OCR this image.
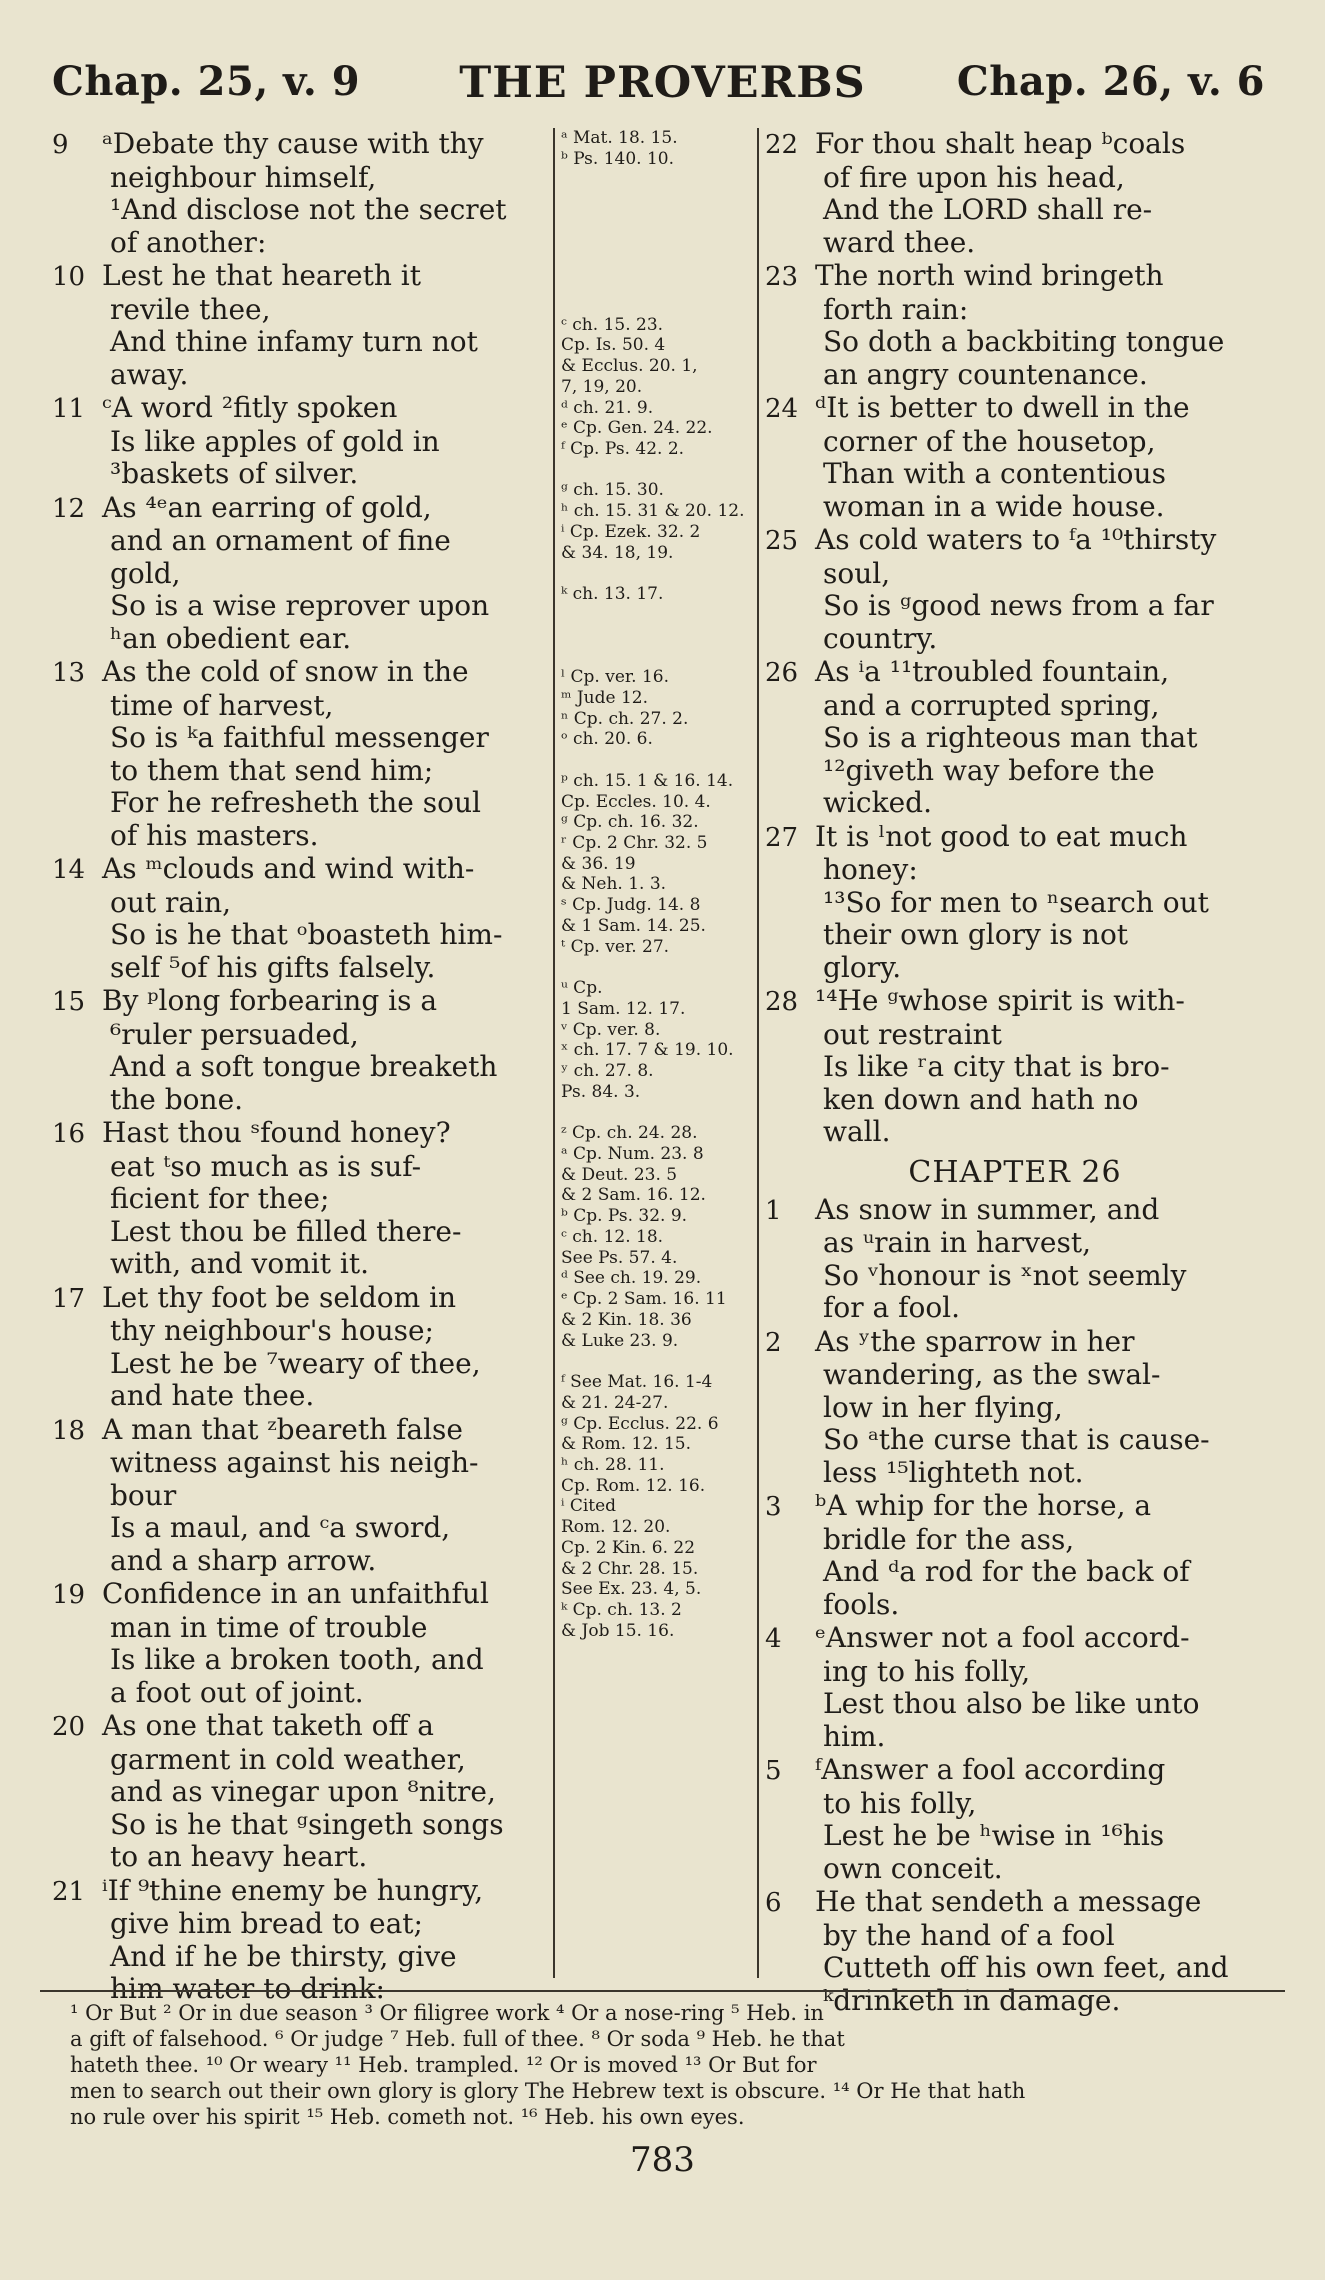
Chap. 25, v. 9	THE PROVERBS	Chap. 26, v. 6
9 ᵃDebate thy cause with thy
neighbour himself,
¹And disclose not the secret
of another:
10 Lest he that heareth it
revile thee,
And thine infamy turn not
away.
11 ᶜA word ²fitly spoken
Is like apples of gold in
³baskets of silver.
12 As ⁴ᵉan earring of gold,
and an ornament of fine
gold,
So is a wise reprover upon
ʰan obedient ear.
13 As the cold of snow in the
time of harvest,
So is ᵏa faithful messenger
to them that send him;
For he refresheth the soul
of his masters.
14 As ᵐclouds and wind with-
out rain,
So is he that ᵒboasteth him-
self ⁵of his gifts falsely.
15 By ᵖlong forbearing is a
⁶ruler persuaded,
And a soft tongue breaketh
the bone.
16 Hast thou ˢfound honey?
eat ᵗso much as is suf-
ficient for thee;
Lest thou be filled there-
with, and vomit it.
17 Let thy foot be seldom in
thy neighbour's house;
Lest he be ⁷weary of thee,
and hate thee.
18 A man that ᶻbeareth false
witness against his neigh-
bour
Is a maul, and ᶜa sword,
and a sharp arrow.
19 Confidence in an unfaithful
man in time of trouble
Is like a broken tooth, and
a foot out of joint.
20 As one that taketh off a
garment in cold weather,
and as vinegar upon ⁸nitre,
So is he that ᵍsingeth songs
to an heavy heart.
21 ⁱIf ⁹thine enemy be hungry,
give him bread to eat;
And if he be thirsty, give
him water to drink:
ᵃ Mat. 18. 15.
ᵇ Ps. 140. 10.

ᶜ ch. 15. 23.
Cp. Is. 50. 4
& Ecclus. 20. 1,
7, 19, 20.
ᵈ ch. 21. 9.
ᵉ Cp. Gen. 24. 22.
ᶠ Cp. Ps. 42. 2.

ᵍ ch. 15. 30.
ʰ ch. 15. 31 & 20. 12.
ⁱ Cp. Ezek. 32. 2
& 34. 18, 19.

ᵏ ch. 13. 17.

ˡ Cp. ver. 16.
ᵐ Jude 12.
ⁿ Cp. ch. 27. 2.
ᵒ ch. 20. 6.

ᵖ ch. 15. 1 & 16. 14.
Cp. Eccles. 10. 4.
ᵍ Cp. ch. 16. 32.
ʳ Cp. 2 Chr. 32. 5
& 36. 19
& Neh. 1. 3.
ˢ Cp. Judg. 14. 8
& 1 Sam. 14. 25.
ᵗ Cp. ver. 27.

ᵘ Cp.
1 Sam. 12. 17.
ᵛ Cp. ver. 8.
ˣ ch. 17. 7 & 19. 10.
ʸ ch. 27. 8.
Ps. 84. 3.

ᶻ Cp. ch. 24. 28.
ᵃ Cp. Num. 23. 8
& Deut. 23. 5
& 2 Sam. 16. 12.
ᵇ Cp. Ps. 32. 9.
ᶜ ch. 12. 18.
See Ps. 57. 4.
ᵈ See ch. 19. 29.
ᵉ Cp. 2 Sam. 16. 11
& 2 Kin. 18. 36
& Luke 23. 9.

ᶠ See Mat. 16. 1-4
& 21. 24-27.
ᵍ Cp. Ecclus. 22. 6
& Rom. 12. 15.
ʰ ch. 28. 11.
Cp. Rom. 12. 16.
ⁱ Cited
Rom. 12. 20.
Cp. 2 Kin. 6. 22
& 2 Chr. 28. 15.
See Ex. 23. 4, 5.
ᵏ Cp. ch. 13. 2
& Job 15. 16.
22 For thou shalt heap ᵇcoals
of fire upon his head,
And the LORD shall re-
ward thee.
23 The north wind bringeth
forth rain:
So doth a backbiting tongue
an angry countenance.
24 ᵈIt is better to dwell in the
corner of the housetop,
Than with a contentious
woman in a wide house.
25 As cold waters to ᶠa ¹⁰thirsty
soul,
So is ᵍgood news from a far
country.
26 As ⁱa ¹¹troubled fountain,
and a corrupted spring,
So is a righteous man that
¹²giveth way before the
wicked.
27 It is ˡnot good to eat much
honey:
¹³So for men to ⁿsearch out
their own glory is not
glory.
28 ¹⁴He ᵍwhose spirit is with-
out restraint
Is like ʳa city that is bro-
ken down and hath no
wall.
CHAPTER 26
1 As snow in summer, and
as ᵘrain in harvest,
So ᵛhonour is ˣnot seemly
for a fool.
2 As ʸthe sparrow in her
wandering, as the swal-
low in her flying,
So ᵃthe curse that is cause-
less ¹⁵lighteth not.
3 ᵇA whip for the horse, a
bridle for the ass,
And ᵈa rod for the back of
fools.
4 ᵉAnswer not a fool accord-
ing to his folly,
Lest thou also be like unto
him.
5 ᶠAnswer a fool according
to his folly,
Lest he be ʰwise in ¹⁶his
own conceit.
6 He that sendeth a message
by the hand of a fool
Cutteth off his own feet, and
ᵏdrinketh in damage.

¹ Or But ² Or in due season ³ Or filigree work ⁴ Or a nose-ring ⁵ Heb. in

a gift of falsehood. ⁶ Or judge ⁷ Heb. full of thee. ⁸ Or soda ⁹ Heb. he that

hateth thee. ¹⁰ Or weary ¹¹ Heb. trampled. ¹² Or is moved ¹³ Or But for

men to search out their own glory is glory The Hebrew text is obscure. ¹⁴ Or He that hath

no rule over his spirit ¹⁵ Heb. cometh not. ¹⁶ Heb. his own eyes.

783
